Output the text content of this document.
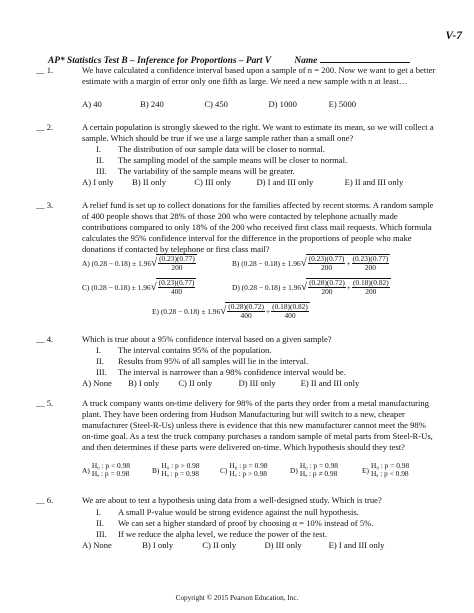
V-7
AP* Statistics Test B – Inference for Proportions – Part V Name
__ 1.	We have calculated a confidence interval based upon a sample of n = 200. Now we want to get a better estimate with a margin of error only one fifth as large. We need a new sample with n at least…
A) 40	B) 240	C) 450	D) 1000	E) 5000
__ 2.	A certain population is strongly skewed to the right. We want to estimate its mean, so we will collect a sample. Which should be true if we use a large sample rather than a small one?
I. The distribution of our sample data will be closer to normal.
II. The sampling model of the sample means will be closer to normal.
III. The variability of the sample means will be greater.
A) I only B) II only	C) III only	D) I and III only	E) II and III only
__ 3.	A relief fund is set up to collect donations for the families affected by recent storms. A random sample of 400 people shows that 28% of those 200 who were contacted by telephone actually made contributions compared to only 18% of the 200 who received first class mail requests. Which formula calculates the 95% confidence interval for the difference in the proportions of people who make donations if contacted by telephone or first class mail?
A)
(0.28 − 0.18) ± 1.96 √ $\frac{(0.23)(0.77)}{200}$	B)
(0.28 − 0.18) ± 1.96 √ $\frac{(0.23)(0.77)}{200} + \frac{(0.23)(0.77)}{200}$
C)
(0.28 − 0.18) ± 1.96 √ $\frac{(0.23)(0.77)}{400}$	D)
(0.28 − 0.18) ± 1.96 √ $\frac{(0.28)(0.72)}{200} + \frac{(0.18)(0.82)}{200}$
E)
(0.28 − 0.18) ± 1.96 √ $\frac{(0.28)(0.72)}{400} + \frac{(0.18)(0.82)}{400}$
__ 4.	Which is true about a 95% confidence interval based on a given sample?
I. The interval contains 95% of the population.
II. Results from 95% of all samples will lie in the interval.
III. The interval is narrower than a 98% confidence interval would be.
A) None B) I only C) II only	D) III only	E) II and III only
__ 5.	A truck company wants on-time delivery for 98% of the parts they order from a metal manufacturing plant. They have been ordering from Hudson Manufacturing but will switch to a new, cheaper manufacturer (Steel-R-Us) unless there is evidence that this new manufacturer cannot meet the 98% on-time goal. As a test the truck company purchases a random sample of metal parts from Steel-R-Us, and then determines if these parts were delivered on-time. Which hypothesis should they test?
A) H₀ : p < 0.98
Hₐ : p = 0.98	B) H₀ : p > 0.98
Hₐ : p = 0.98	C) H₀ : p = 0.98
Hₐ : p > 0.98	D) H₀ : p = 0.98
Hₐ : p ≠ 0.98	E) H₀ : p = 0.98
Hₐ : p < 0.98
__ 6.	We are about to test a hypothesis using data from a well-designed study. Which is true?
I. A small P-value would be strong evidence against the null hypothesis.
II. We can set a higher standard of proof by choosing α = 10% instead of 5%.
III. If we reduce the alpha level, we reduce the power of the test.
A) None	B) I only	C) II only	D) III only	E) I and III only
Copyright © 2015 Pearson Education, Inc.
